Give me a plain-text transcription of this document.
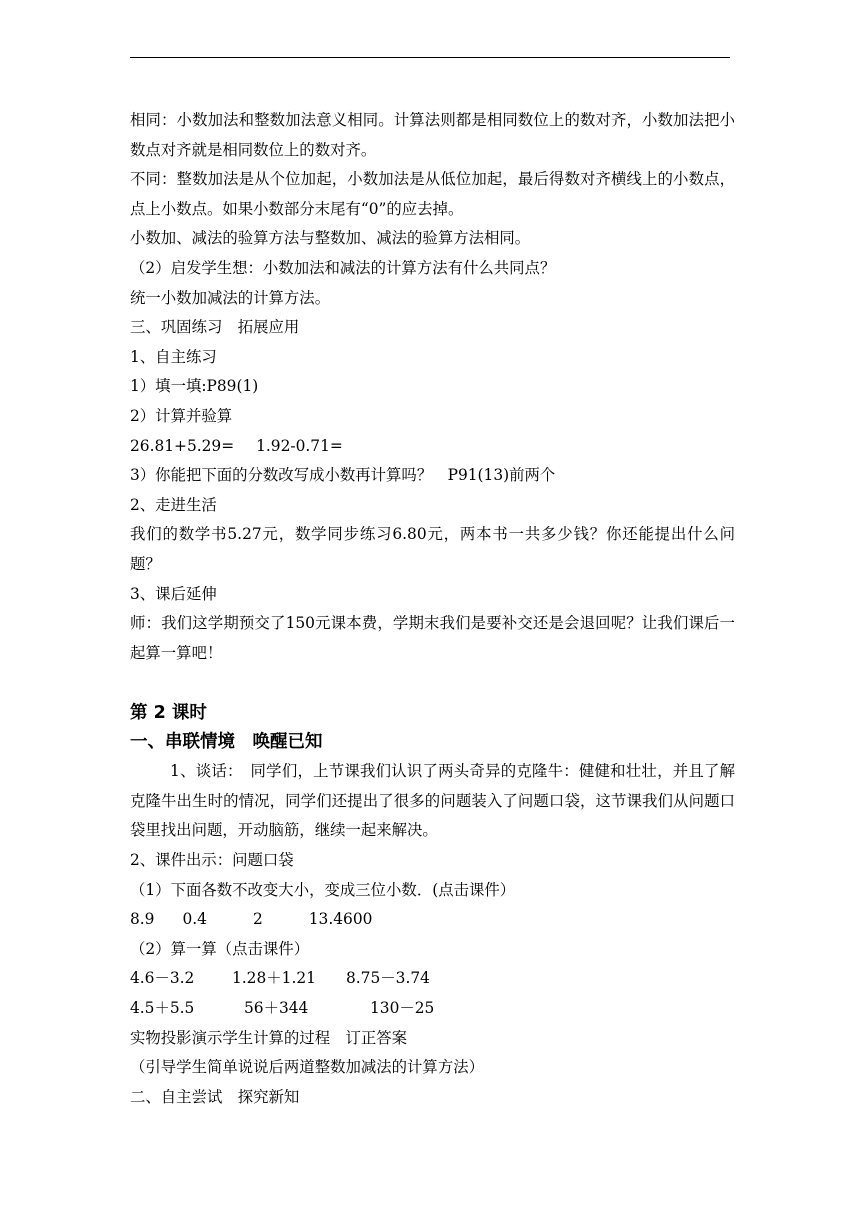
相同：小数加法和整数加法意义相同。计算法则都是相同数位上的数对齐，小数加法把小数点对齐就是相同数位上的数对齐。

不同：整数加法是从个位加起，小数加法是从低位加起，最后得数对齐横线上的小数点，点上小数点。如果小数部分末尾有“0”的应去掉。

小数加、减法的验算方法与整数加、减法的验算方法相同。

（2）启发学生想：小数加法和减法的计算方法有什么共同点？

统一小数加减法的计算方法。

三、巩固练习　拓展应用

1、自主练习

1）填一填:P89(1)

2）计算并验算

26.81+5.29= 1.92-0.71=

3）你能把下面的分数改写成小数再计算吗？　P91(13)前两个

2、走进生活

我们的数学书5.27元，数学同步练习6.80元，两本书一共多少钱？你还能提出什么问题？

3、课后延伸

师：我们这学期预交了150元课本费，学期末我们是要补交还是会退回呢？让我们课后一起算一算吧！

第 2 课时

一、串联情境　唤醒已知

1、谈话：　同学们，上节课我们认识了两头奇异的克隆牛：健健和壮壮，并且了解克隆牛出生时的情况，同学们还提出了很多的问题装入了问题口袋，这节课我们从问题口袋里找出问题，开动脑筋，继续一起来解决。

2、课件出示：问题口袋

（1）下面各数不改变大小，变成三位小数．(点击课件）

8.9 0.4	2	13.4600

（2）算一算（点击课件）

4.6－3.2 1.28＋1.21 8.75－3.74

4.5＋5.5	56＋344	130－25

实物投影演示学生计算的过程　订正答案

（引导学生简单说说后两道整数加减法的计算方法）

二、自主尝试　探究新知
